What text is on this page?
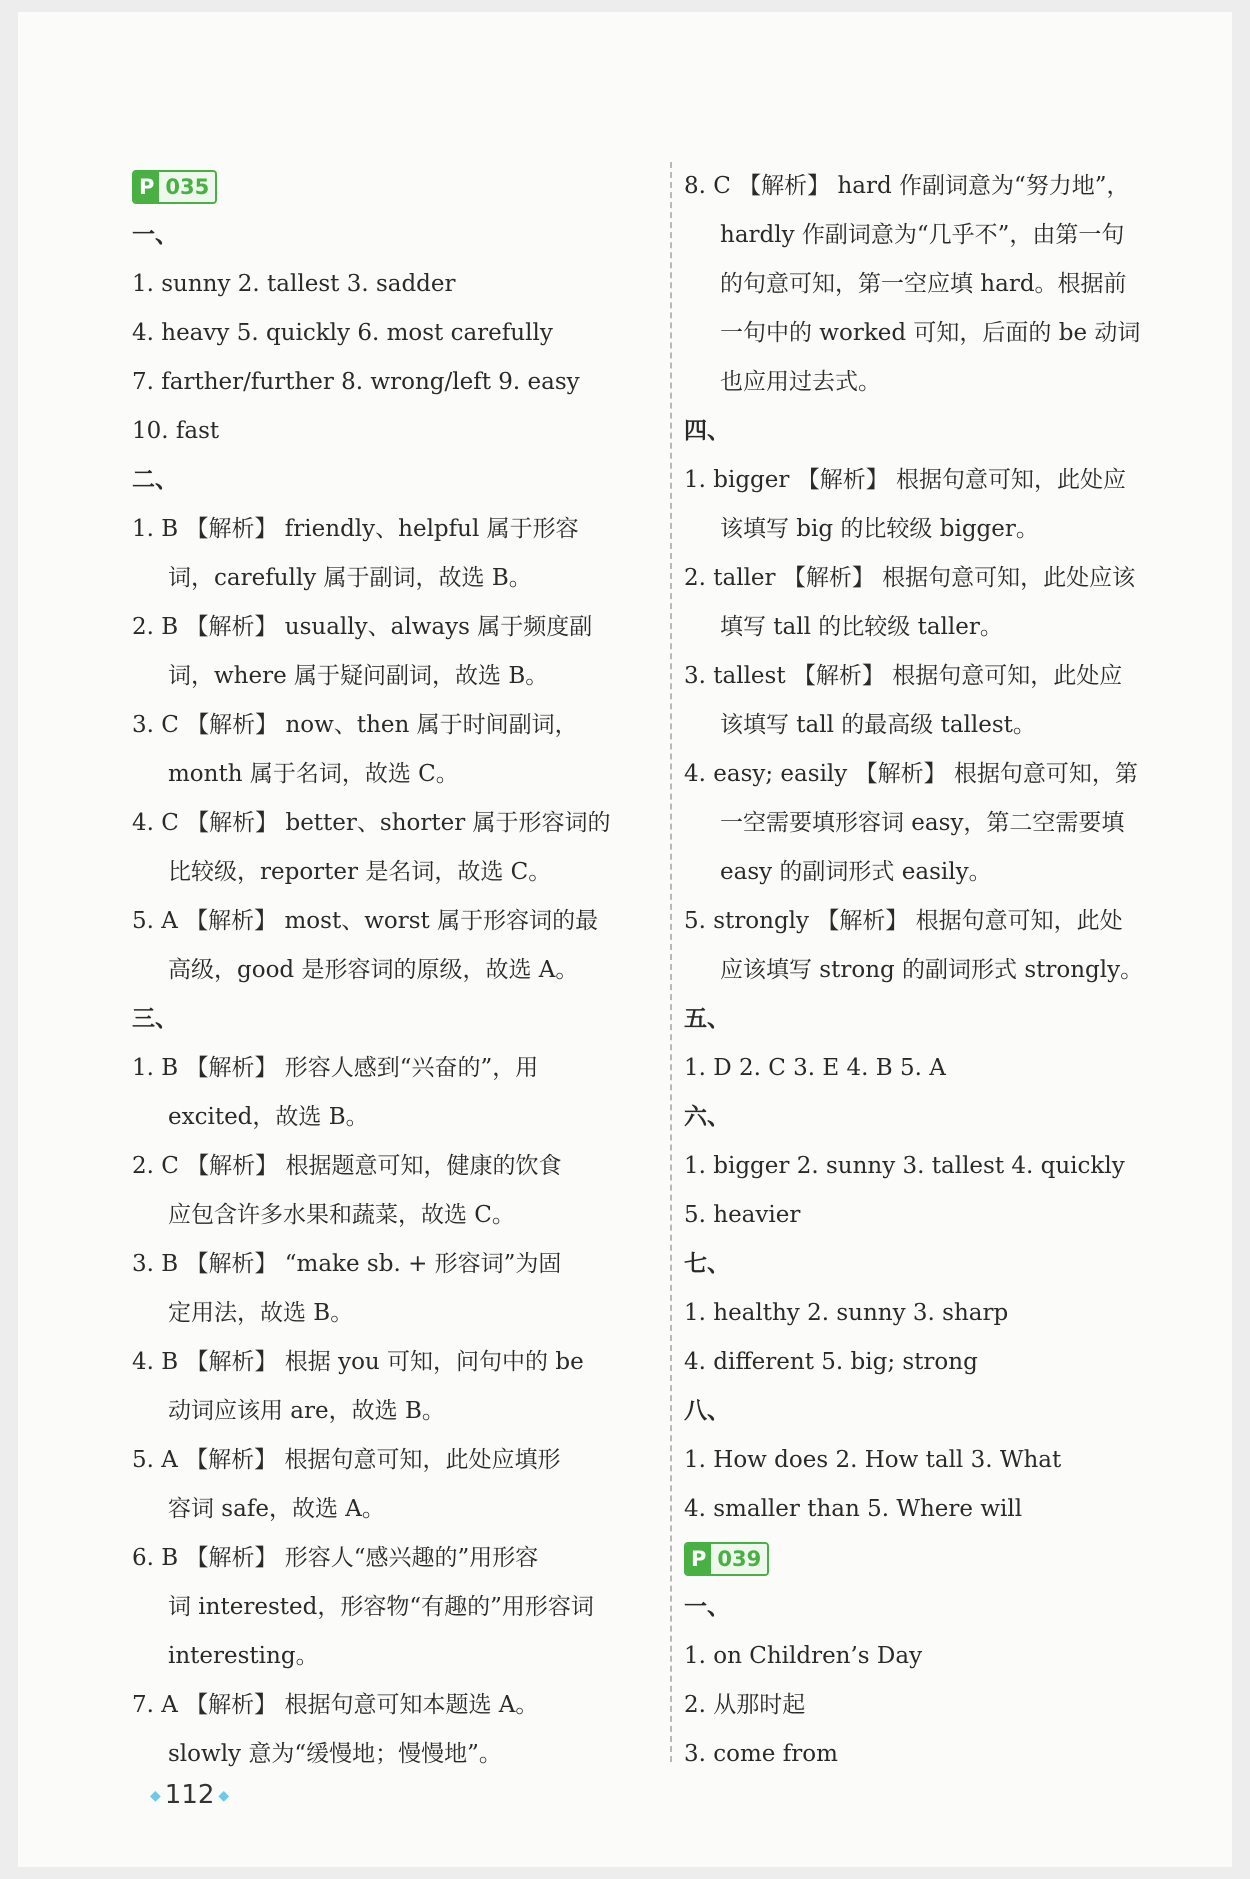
P 035
一、
1. sunny 2. tallest 3. sadder
4. heavy 5. quickly 6. most carefully
7. farther/further 8. wrong/left 9. easy
10. fast
二、
1. B 【解析】 friendly、helpful 属于形容
词，carefully 属于副词，故选 B。
2. B 【解析】 usually、always 属于频度副
词，where 属于疑问副词，故选 B。
3. C 【解析】 now、then 属于时间副词，
month 属于名词，故选 C。
4. C 【解析】 better、shorter 属于形容词的
比较级，reporter 是名词，故选 C。
5. A 【解析】 most、worst 属于形容词的最
高级，good 是形容词的原级，故选 A。
三、
1. B 【解析】 形容人感到“兴奋的”，用
excited，故选 B。
2. C 【解析】 根据题意可知，健康的饮食
应包含许多水果和蔬菜，故选 C。
3. B 【解析】 “make sb. + 形容词”为固
定用法，故选 B。
4. B 【解析】 根据 you 可知，问句中的 be
动词应该用 are，故选 B。
5. A 【解析】 根据句意可知，此处应填形
容词 safe，故选 A。
6. B 【解析】 形容人“感兴趣的”用形容
词 interested，形容物“有趣的”用形容词
interesting。
7. A 【解析】 根据句意可知本题选 A。
slowly 意为“缓慢地；慢慢地”。
8. C 【解析】 hard 作副词意为“努力地”，
hardly 作副词意为“几乎不”，由第一句
的句意可知，第一空应填 hard。根据前
一句中的 worked 可知，后面的 be 动词
也应用过去式。
四、
1. bigger 【解析】 根据句意可知，此处应
该填写 big 的比较级 bigger。
2. taller 【解析】 根据句意可知，此处应该
填写 tall 的比较级 taller。
3. tallest 【解析】 根据句意可知，此处应
该填写 tall 的最高级 tallest。
4. easy; easily 【解析】 根据句意可知，第
一空需要填形容词 easy，第二空需要填
easy 的副词形式 easily。
5. strongly 【解析】 根据句意可知，此处
应该填写 strong 的副词形式 strongly。
五、
1. D 2. C 3. E 4. B 5. A
六、
1. bigger 2. sunny 3. tallest 4. quickly
5. heavier
七、
1. healthy 2. sunny 3. sharp
4. different 5. big; strong
八、
1. How does 2. How tall 3. What
4. smaller than 5. Where will
P 039
一、
1. on Children’s Day
2. 从那时起
3. come from
◆ 112 ◆
